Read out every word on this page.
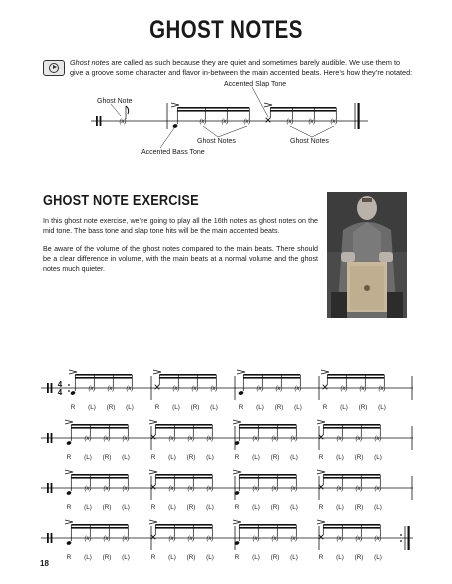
GHOST NOTES
Ghost notes are called as such because they are quiet and sometimes barely audible. We use them to give a groove some character and flavor in-between the main accented beats. Here’s how they’re notated:
Ghost Note
Accented Slap Tone
Accented Bass Tone
Ghost Notes	Ghost Notes
GHOST NOTE EXERCISE
In this ghost note exercise, we’re going to play all the 16th notes as ghost notes on the mid tone. The bass tone and slap tone hits will be the main accented beats.
Be aware of the volume of the ghost notes compared to the main beats. There should be a clear difference in volume, with the main beats at a normal volume and the ghost notes much quieter.
(x)	(x)	(x)	(x)	(x)	(x)	(x)
4
4	(x) (x) (x)	(x) (x) (x)	(x) (x) (x)	(x) (x) (x)
(x) (x) (x)	(x) (x) (x)	(x) (x) (x)	(x) (x) (x)
(x) (x) (x)	(x) (x) (x)	(x) (x) (x)	(x) (x) (x)
(x) (x) (x)	(x) (x) (x)	(x) (x) (x)	(x) (x) (x)
R	(L)	(R)	(L)	R	(L)	(R)	(L)	R	(L)	(R)	(L)	R	(L)	(R)	(L)
R	(L)	(R)	(L)	R	(L)	(R)	(L)	R	(L)	(R)	(L)	R	(L)	(R)	(L)
R	(L)	(R)	(L)	R	(L)	(R)	(L)	R	(L)	(R)	(L)	R	(L)	(R)	(L)
R	(L)	(R)	(L)	R	(L)	(R)	(L)	R	(L)	(R)	(L)	R	(L)	(R)	(L)
18
